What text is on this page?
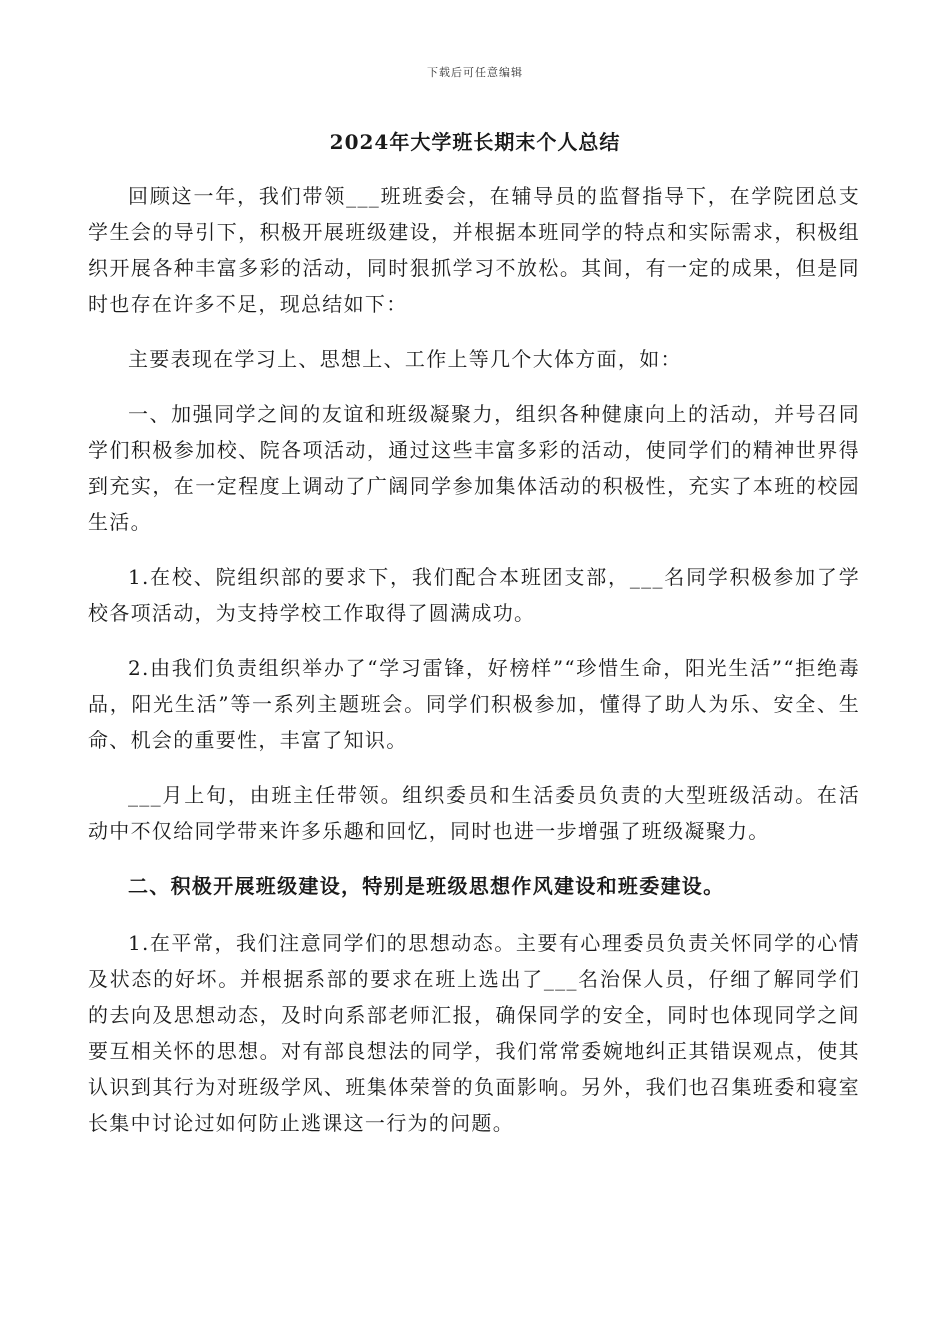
下载后可任意编辑
2024年大学班长期末个人总结

回顾这一年，我们带领___班班委会，在辅导员的监督指导下，在学院团总支学生会的导引下，积极开展班级建设，并根据本班同学的特点和实际需求，积极组织开展各种丰富多彩的活动，同时狠抓学习不放松。其间，有一定的成果，但是同时也存在许多不足，现总结如下：

主要表现在学习上、思想上、工作上等几个大体方面，如：

一、加强同学之间的友谊和班级凝聚力，组织各种健康向上的活动，并号召同学们积极参加校、院各项活动，通过这些丰富多彩的活动，使同学们的精神世界得到充实，在一定程度上调动了广阔同学参加集体活动的积极性，充实了本班的校园生活。

1.在校、院组织部的要求下，我们配合本班团支部，___名同学积极参加了学校各项活动，为支持学校工作取得了圆满成功。

2.由我们负责组织举办了“学习雷锋，好榜样”“珍惜生命，阳光生活”“拒绝毒品，阳光生活”等一系列主题班会。同学们积极参加，懂得了助人为乐、安全、生命、机会的重要性，丰富了知识。

___月上旬，由班主任带领。组织委员和生活委员负责的大型班级活动。在活动中不仅给同学带来许多乐趣和回忆，同时也进一步增强了班级凝聚力。

二、积极开展班级建设，特别是班级思想作风建设和班委建设。

1.在平常，我们注意同学们的思想动态。主要有心理委员负责关怀同学的心情及状态的好坏。并根据系部的要求在班上选出了___名治保人员，仔细了解同学们的去向及思想动态，及时向系部老师汇报，确保同学的安全，同时也体现同学之间要互相关怀的思想。对有部良想法的同学，我们常常委婉地纠正其错误观点，使其认识到其行为对班级学风、班集体荣誉的负面影响。另外，我们也召集班委和寝室长集中讨论过如何防止逃课这一行为的问题。
